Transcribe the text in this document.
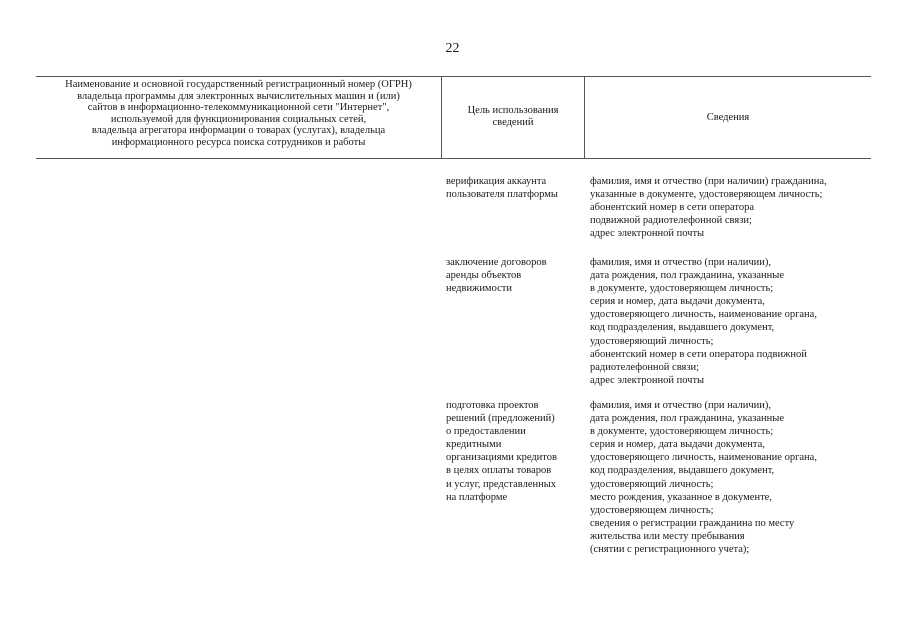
22
Наименование и основной государственный регистрационный номер (ОГРН)
владельца программы для электронных вычислительных машин и (или)
сайтов в информационно-телекоммуникационной сети "Интернет",
используемой для функционирования социальных сетей,
владельца агрегатора информации о товарах (услугах), владельца
информационного ресурса поиска сотрудников и работы
Цель использования
сведений	Сведения
верификация аккаунта
пользователя платформы
фамилия, имя и отчество (при наличии) гражданина,
указанные в документе, удостоверяющем личность;
абонентский номер в сети оператора
подвижной радиотелефонной связи;
адрес электронной почты
заключение договоров
аренды объектов
недвижимости
фамилия, имя и отчество (при наличии),
дата рождения, пол гражданина, указанные
в документе, удостоверяющем личность;
серия и номер, дата выдачи документа,
удостоверяющего личность, наименование органа,
код подразделения, выдавшего документ,
удостоверяющий личность;
абонентский номер в сети оператора подвижной
радиотелефонной связи;
адрес электронной почты
подготовка проектов
решений (предложений)
о предоставлении
кредитными
организациями кредитов
в целях оплаты товаров
и услуг, представленных
на платформе
фамилия, имя и отчество (при наличии),
дата рождения, пол гражданина, указанные
в документе, удостоверяющем личность;
серия и номер, дата выдачи документа,
удостоверяющего личность, наименование органа,
код подразделения, выдавшего документ,
удостоверяющий личность;
место рождения, указанное в документе,
удостоверяющем личность;
сведения о регистрации гражданина по месту
жительства или месту пребывания
(снятии с регистрационного учета);
